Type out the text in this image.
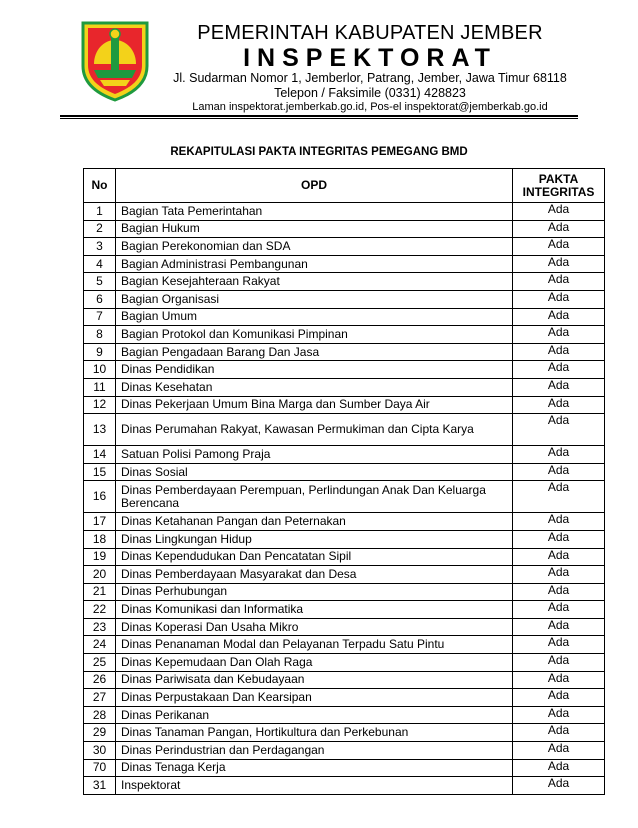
PEMERINTAH KABUPATEN JEMBER
INSPEKTORAT
Jl. Sudarman Nomor 1, Jemberlor, Patrang, Jember, Jawa Timur 68118
Telepon / Faksimile (0331) 428823
Laman inspektorat.jemberkab.go.id, Pos-el inspektorat@jemberkab.go.id
REKAPITULASI PAKTA INTEGRITAS PEMEGANG BMD
No	OPD	PAKTA
INTEGRITAS
1	Bagian Tata Pemerintahan	Ada
2	Bagian Hukum	Ada
3	Bagian Perekonomian dan SDA	Ada
4	Bagian Administrasi Pembangunan	Ada
5	Bagian Kesejahteraan Rakyat	Ada
6	Bagian Organisasi	Ada
7	Bagian Umum	Ada
8	Bagian Protokol dan Komunikasi Pimpinan	Ada
9	Bagian Pengadaan Barang Dan Jasa	Ada
10	Dinas Pendidikan	Ada
11	Dinas Kesehatan	Ada
12	Dinas Pekerjaan Umum Bina Marga dan Sumber Daya Air	Ada
13	Dinas Perumahan Rakyat, Kawasan Permukiman dan Cipta Karya	Ada
14	Satuan Polisi Pamong Praja	Ada
15	Dinas Sosial	Ada
16	Dinas Pemberdayaan Perempuan, Perlindungan Anak Dan Keluarga Berencana	Ada
17	Dinas Ketahanan Pangan dan Peternakan	Ada
18	Dinas Lingkungan Hidup	Ada
19	Dinas Kependudukan Dan Pencatatan Sipil	Ada
20	Dinas Pemberdayaan Masyarakat dan Desa	Ada
21	Dinas Perhubungan	Ada
22	Dinas Komunikasi dan Informatika	Ada
23	Dinas Koperasi Dan Usaha Mikro	Ada
24	Dinas Penanaman Modal dan Pelayanan Terpadu Satu Pintu	Ada
25	Dinas Kepemudaan Dan Olah Raga	Ada
26	Dinas Pariwisata dan Kebudayaan	Ada
27	Dinas Perpustakaan Dan Kearsipan	Ada
28	Dinas Perikanan	Ada
29	Dinas Tanaman Pangan, Hortikultura dan Perkebunan	Ada
30	Dinas Perindustrian dan Perdagangan	Ada
70	Dinas Tenaga Kerja	Ada
31	Inspektorat	Ada
